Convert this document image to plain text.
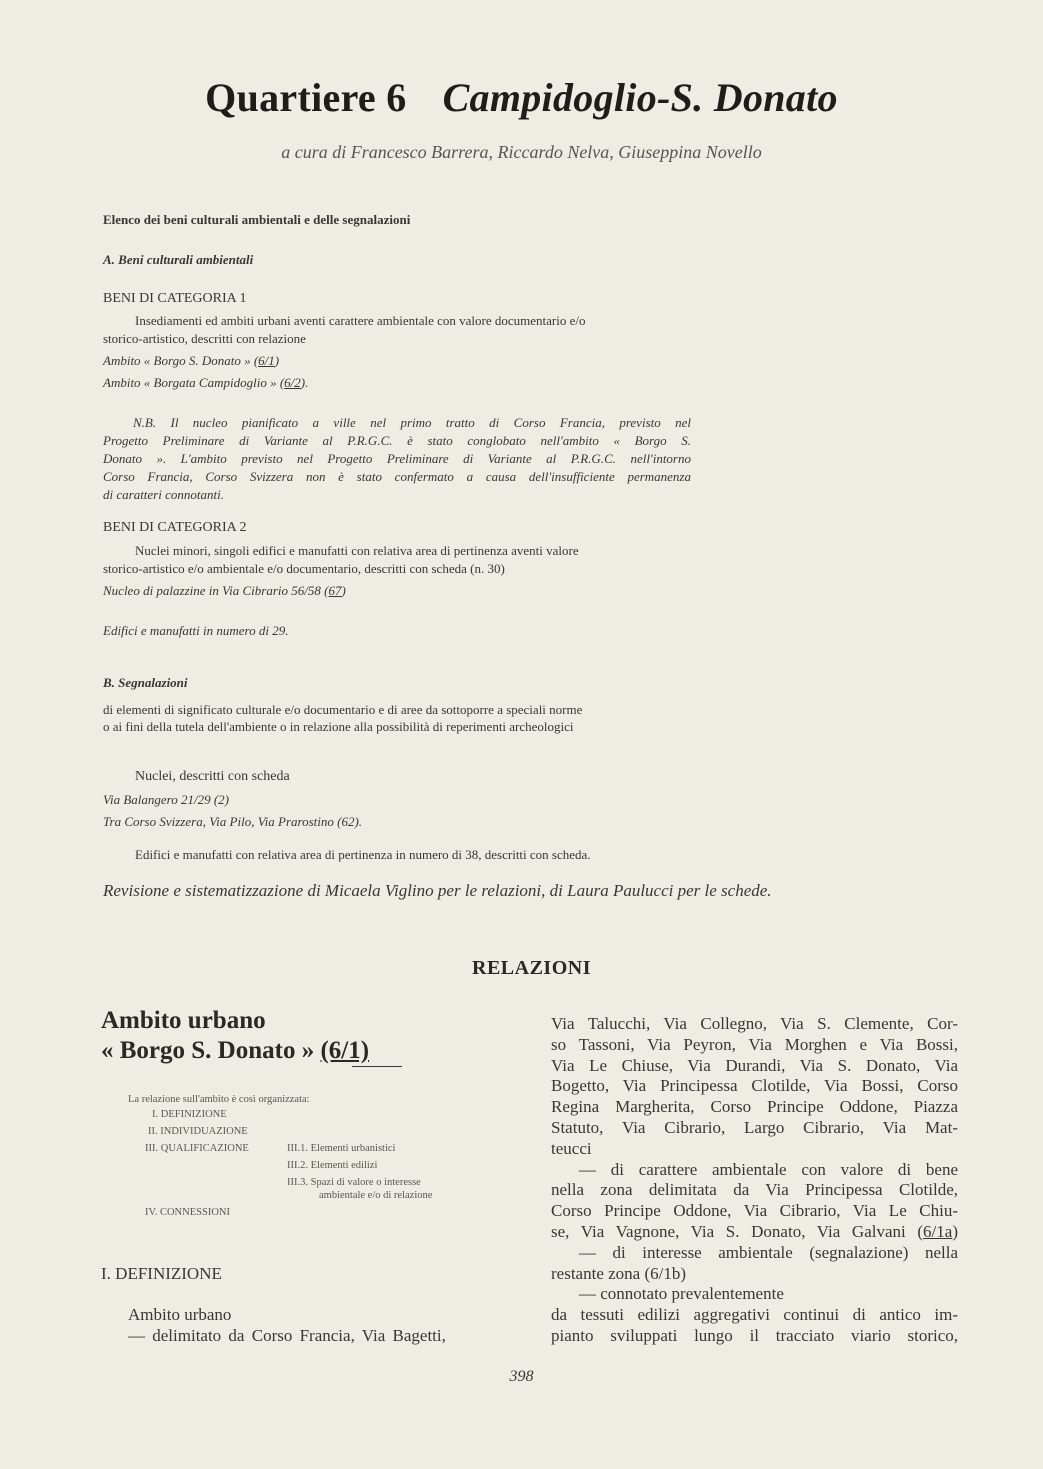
Quartiere 6 Campidoglio-S. Donato
a cura di Francesco Barrera, Riccardo Nelva, Giuseppina Novello
Elenco dei beni culturali ambientali e delle segnalazioni
A. Beni culturali ambientali
BENI DI CATEGORIA 1
Insediamenti ed ambiti urbani aventi carattere ambientale con valore documentario e/o
storico-artistico, descritti con relazione
Ambito « Borgo S. Donato » (6/1)
Ambito « Borgata Campidoglio » (6/2).
N.B. Il nucleo pianificato a ville nel primo tratto di Corso Francia, previsto nel
Progetto Preliminare di Variante al P.R.G.C. è stato conglobato nell'ambito « Borgo S.
Donato ». L'ambito previsto nel Progetto Preliminare di Variante al P.R.G.C. nell'intorno
Corso Francia, Corso Svizzera non è stato confermato a causa dell'insufficiente permanenza
di caratteri connotanti.
BENI DI CATEGORIA 2
Nuclei minori, singoli edifici e manufatti con relativa area di pertinenza aventi valore
storico-artistico e/o ambientale e/o documentario, descritti con scheda (n. 30)
Nucleo di palazzine in Via Cibrario 56/58 (67)
Edifici e manufatti in numero di 29.
B. Segnalazioni
di elementi di significato culturale e/o documentario e di aree da sottoporre a speciali norme
o ai fini della tutela dell'ambiente o in relazione alla possibilità di reperimenti archeologici
Nuclei, descritti con scheda
Via Balangero 21/29 (2)
Tra Corso Svizzera, Via Pilo, Via Prarostino (62).
Edifici e manufatti con relativa area di pertinenza in numero di 38, descritti con scheda.
Revisione e sistematizzazione di Micaela Viglino per le relazioni, di Laura Paulucci per le schede.
RELAZIONI
Ambito urbano
« Borgo S. Donato » (6/1)
La relazione sull'ambito è così organizzata:
I. DEFINIZIONE
II. INDIVIDUAZIONE
III. QUALIFICAZIONE	III.1. Elementi urbanistici
III.2. Elementi edilizi
III.3. Spazi di valore o interesse
ambientale e/o di relazione
IV. CONNESSIONI
I. DEFINIZIONE
Ambito urbano
— delimitato da Corso Francia, Via Bagetti,
Via Talucchi, Via Collegno, Via S. Clemente, Cor-
so Tassoni, Via Peyron, Via Morghen e Via Bossi,
Via Le Chiuse, Via Durandi, Via S. Donato, Via
Bogetto, Via Principessa Clotilde, Via Bossi, Corso
Regina Margherita, Corso Principe Oddone, Piazza
Statuto, Via Cibrario, Largo Cibrario, Via Mat-
teucci
— di carattere ambientale con valore di bene
nella zona delimitata da Via Principessa Clotilde,
Corso Principe Oddone, Via Cibrario, Via Le Chiu-
se, Via Vagnone, Via S. Donato, Via Galvani (6/1a)
— di interesse ambientale (segnalazione) nella
restante zona (6/1b)
— connotato prevalentemente
da tessuti edilizi aggregativi continui di antico im-
pianto sviluppati lungo il tracciato viario storico,
398
